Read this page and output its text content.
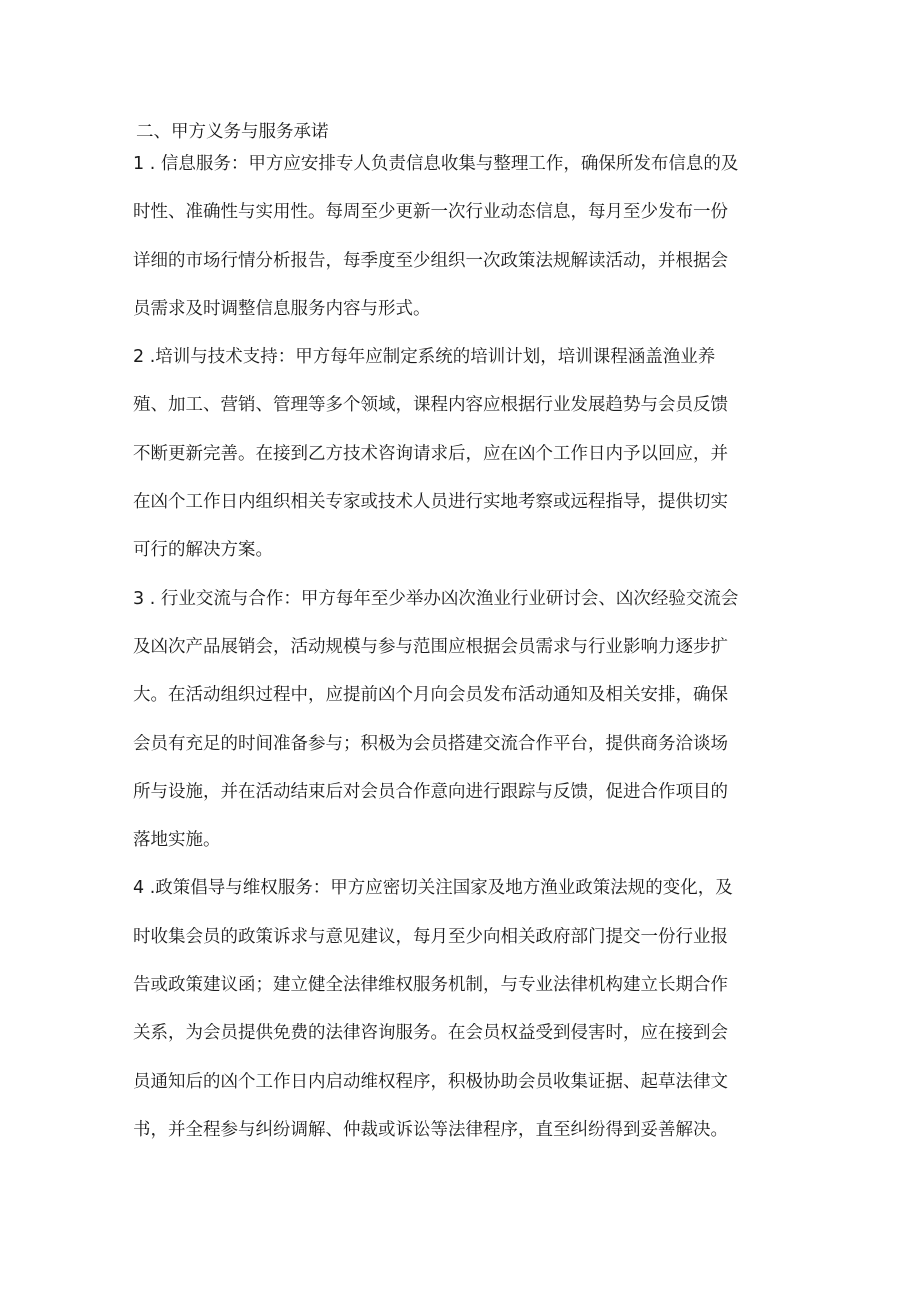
二、甲方义务与服务承诺
1 . 信息服务：甲方应安排专人负责信息收集与整理工作，确保所发布信息的及
时性、准确性与实用性。每周至少更新一次行业动态信息，每月至少发布一份
详细的市场行情分析报告，每季度至少组织一次政策法规解读活动，并根据会
员需求及时调整信息服务内容与形式。
2 .培训与技术支持：甲方每年应制定系统的培训计划，培训课程涵盖渔业养
殖、加工、营销、管理等多个领域，课程内容应根据行业发展趋势与会员反馈
不断更新完善。在接到乙方技术咨询请求后，应在凶个工作日内予以回应，并
在凶个工作日内组织相关专家或技术人员进行实地考察或远程指导，提供切实
可行的解决方案。
3 . 行业交流与合作：甲方每年至少举办凶次渔业行业研讨会、凶次经验交流会
及凶次产品展销会，活动规模与参与范围应根据会员需求与行业影响力逐步扩
大。在活动组织过程中，应提前凶个月向会员发布活动通知及相关安排，确保
会员有充足的时间准备参与；积极为会员搭建交流合作平台，提供商务洽谈场
所与设施，并在活动结束后对会员合作意向进行跟踪与反馈，促进合作项目的
落地实施。
4 .政策倡导与维权服务：甲方应密切关注国家及地方渔业政策法规的变化，及
时收集会员的政策诉求与意见建议，每月至少向相关政府部门提交一份行业报
告或政策建议函；建立健全法律维权服务机制，与专业法律机构建立长期合作
关系，为会员提供免费的法律咨询服务。在会员权益受到侵害时，应在接到会
员通知后的凶个工作日内启动维权程序，积极协助会员收集证据、起草法律文
书，并全程参与纠纷调解、仲裁或诉讼等法律程序，直至纠纷得到妥善解决。
